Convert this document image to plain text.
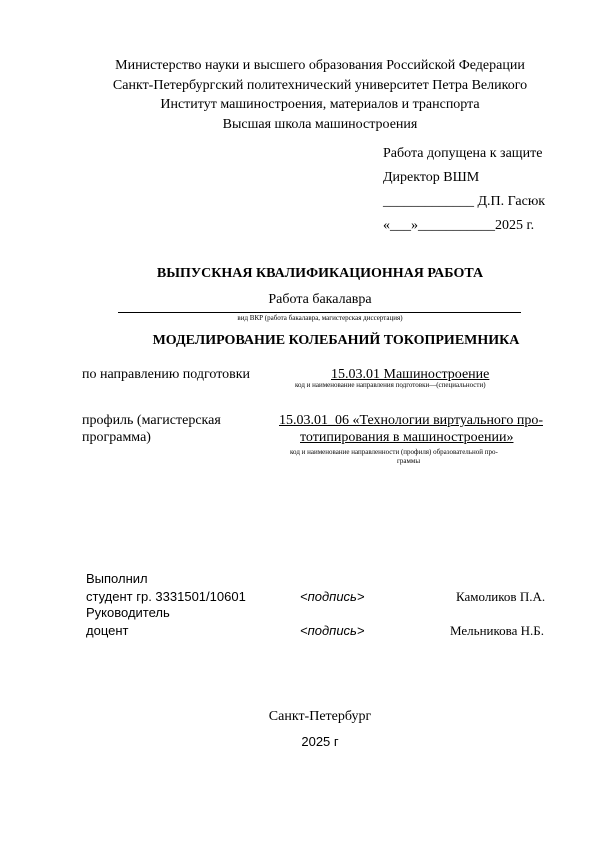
Министерство науки и высшего образования Российской Федерации
Санкт-Петербургский политехнический университет Петра Великого
Институт машиностроения, материалов и транспорта
Высшая школа машиностроения
Работа допущена к защите
Директор ВШМ
_____________ Д.П. Гасюк
«___»___________2025 г.
ВЫПУСКНАЯ КВАЛИФИКАЦИОННАЯ РАБОТА
Работа бакалавра
вид ВКР (работа бакалавра, магистерская диссертация)
МОДЕЛИРОВАНИЕ КОЛЕБАНИЙ ТОКОПРИЕМНИКА
по направлению подготовки	15.03.01 Машиностроение
код и наименование направления подготовки—(специальности)
профиль (магистерская
программа)
15.03.01_06 «Технологии виртуального про-
тотипирования в машиностроении»
код и наименование направленности (профиля) образовательной про-
граммы
Выполнил
студент гр. 3331501/10601	<подпись>	Камоликов П.А.
Руководитель
доцент	<подпись>	Мельникова Н.Б.
Санкт-Петербург
2025 г
